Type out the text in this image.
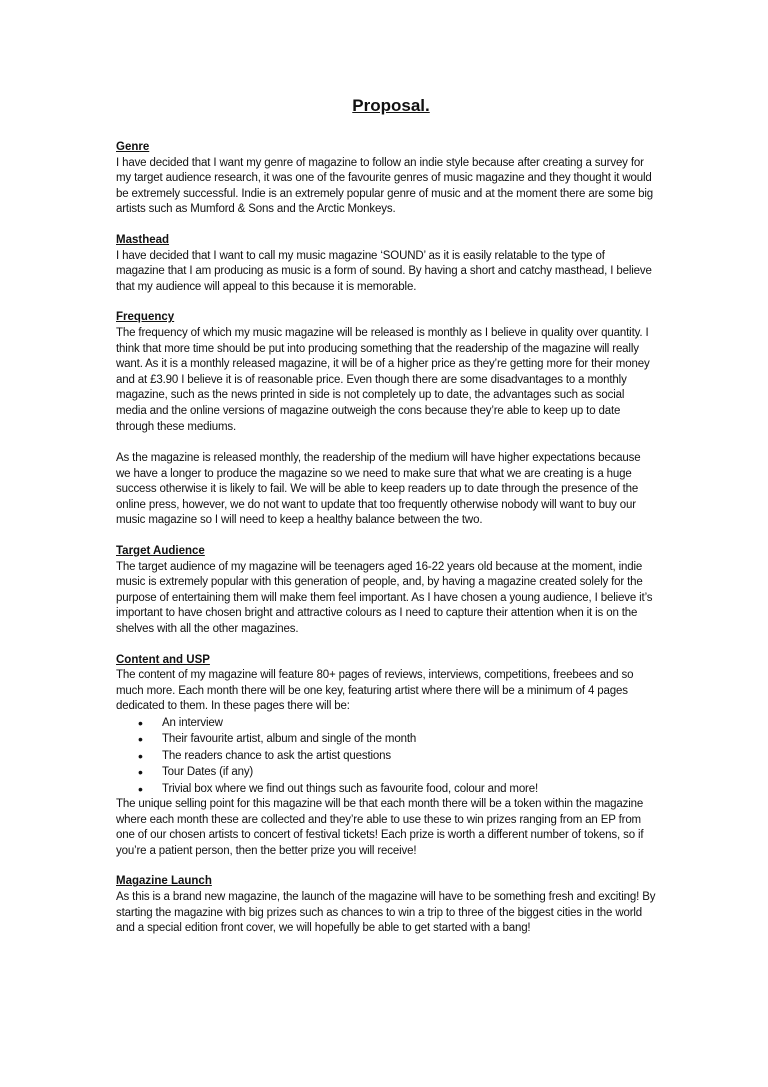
Proposal.

Genre

I have decided that I want my genre of magazine to follow an indie style because after creating a survey for my target audience research, it was one of the favourite genres of music magazine and they thought it would be extremely successful. Indie is an extremely popular genre of music and at the moment there are some big artists such as Mumford & Sons and the Arctic Monkeys.

Masthead

I have decided that I want to call my music magazine ‘SOUND’ as it is easily relatable to the type of magazine that I am producing as music is a form of sound. By having a short and catchy masthead, I believe that my audience will appeal to this because it is memorable.

Frequency

The frequency of which my music magazine will be released is monthly as I believe in quality over quantity. I think that more time should be put into producing something that the readership of the magazine will really want. As it is a monthly released magazine, it will be of a higher price as they’re getting more for their money and at £3.90 I believe it is of reasonable price. Even though there are some disadvantages to a monthly magazine, such as the news printed in side is not completely up to date, the advantages such as social media and the online versions of magazine outweigh the cons because they’re able to keep up to date through these mediums.

As the magazine is released monthly, the readership of the medium will have higher expectations because we have a longer to produce the magazine so we need to make sure that what we are creating is a huge success otherwise it is likely to fail. We will be able to keep readers up to date through the presence of the online press, however, we do not want to update that too frequently otherwise nobody will want to buy our music magazine so I will need to keep a healthy balance between the two.

Target Audience

The target audience of my magazine will be teenagers aged 16-22 years old because at the moment, indie music is extremely popular with this generation of people, and, by having a magazine created solely for the purpose of entertaining them will make them feel important. As I have chosen a young audience, I believe it’s important to have chosen bright and attractive colours as I need to capture their attention when it is on the shelves with all the other magazines.

Content and USP

The content of my magazine will feature 80+ pages of reviews, interviews, competitions, freebees and so much more. Each month there will be one key, featuring artist where there will be a minimum of 4 pages dedicated to them. In these pages there will be:

• An interview
• Their favourite artist, album and single of the month
• The readers chance to ask the artist questions
• Tour Dates (if any)
• Trivial box where we find out things such as favourite food, colour and more!

The unique selling point for this magazine will be that each month there will be a token within the magazine where each month these are collected and they’re able to use these to win prizes ranging from an EP from one of our chosen artists to concert of festival tickets! Each prize is worth a different number of tokens, so if you’re a patient person, then the better prize you will receive!

Magazine Launch

As this is a brand new magazine, the launch of the magazine will have to be something fresh and exciting! By starting the magazine with big prizes such as chances to win a trip to three of the biggest cities in the world and a special edition front cover, we will hopefully be able to get started with a bang!
